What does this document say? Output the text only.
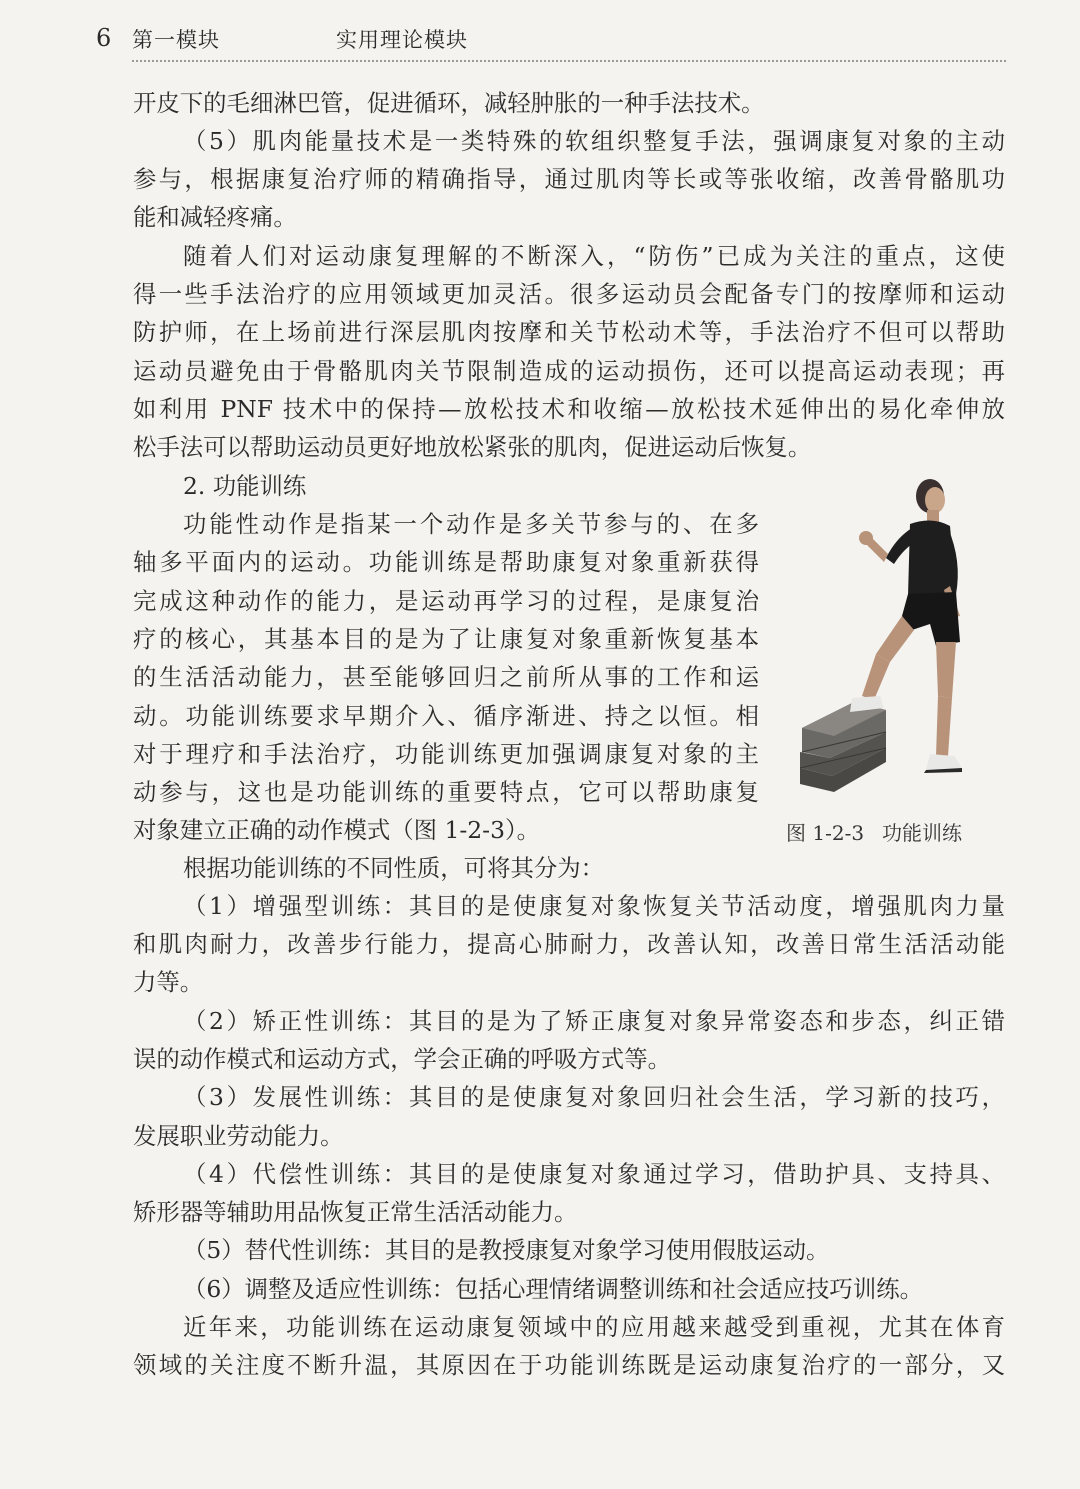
6 第一模块	实用理论模块
开皮下的毛细淋巴管，促进循环，减轻肿胀的一种手法技术。
（5）肌肉能量技术是一类特殊的软组织整复手法，强调康复对象的主动
参与，根据康复治疗师的精确指导，通过肌肉等长或等张收缩，改善骨骼肌功
能和减轻疼痛。
随着人们对运动康复理解的不断深入，“防伤”已成为关注的重点，这使
得一些手法治疗的应用领域更加灵活。很多运动员会配备专门的按摩师和运动
防护师，在上场前进行深层肌肉按摩和关节松动术等，手法治疗不但可以帮助
运动员避免由于骨骼肌肉关节限制造成的运动损伤，还可以提高运动表现；再
如利用 PNF 技术中的保持—放松技术和收缩—放松技术延伸出的易化牵伸放
松手法可以帮助运动员更好地放松紧张的肌肉，促进运动后恢复。
2. 功能训练
功能性动作是指某一个动作是多关节参与的、在多
轴多平面内的运动。功能训练是帮助康复对象重新获得
完成这种动作的能力，是运动再学习的过程，是康复治
疗的核心，其基本目的是为了让康复对象重新恢复基本
的生活活动能力，甚至能够回归之前所从事的工作和运
动。功能训练要求早期介入、循序渐进、持之以恒。相
对于理疗和手法治疗，功能训练更加强调康复对象的主
动参与，这也是功能训练的重要特点，它可以帮助康复
对象建立正确的动作模式（图 1-2-3）。
根据功能训练的不同性质，可将其分为：
（1）增强型训练：其目的是使康复对象恢复关节活动度，增强肌肉力量
和肌肉耐力，改善步行能力，提高心肺耐力，改善认知，改善日常生活活动能
力等。
（2）矫正性训练：其目的是为了矫正康复对象异常姿态和步态，纠正错
误的动作模式和运动方式，学会正确的呼吸方式等。
（3）发展性训练：其目的是使康复对象回归社会生活，学习新的技巧，
发展职业劳动能力。
（4）代偿性训练：其目的是使康复对象通过学习，借助护具、支持具、
矫形器等辅助用品恢复正常生活活动能力。
（5）替代性训练：其目的是教授康复对象学习使用假肢运动。
（6）调整及适应性训练：包括心理情绪调整训练和社会适应技巧训练。
近年来，功能训练在运动康复领域中的应用越来越受到重视，尤其在体育
领域的关注度不断升温，其原因在于功能训练既是运动康复治疗的一部分，又
图 1-2-3 功能训练
